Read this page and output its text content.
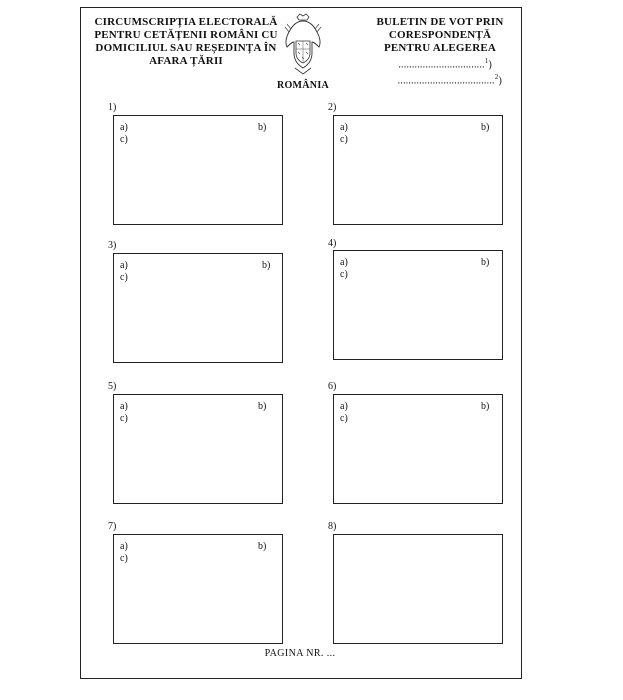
CIRCUMSCRIPȚIA ELECTORALĂ
PENTRU CETĂȚENII ROMÂNI CU
DOMICILIUL SAU REȘEDINȚA ÎN
AFARA ȚĂRII
ROMÂNIA
BULETIN DE VOT PRIN
CORESPONDENȚĂ
PENTRU ALEGEREA
................................$^1$)
....................................$^2$)
1)
a)	b)
c)
2)
a)	b)
c)
3)
a)	b)
c)
4)
a)	b)
c)
5)
a)	b)
c)
6)
a)	b)
c)
7)
a)	b)
c)
8)
PAGINA NR. ...
